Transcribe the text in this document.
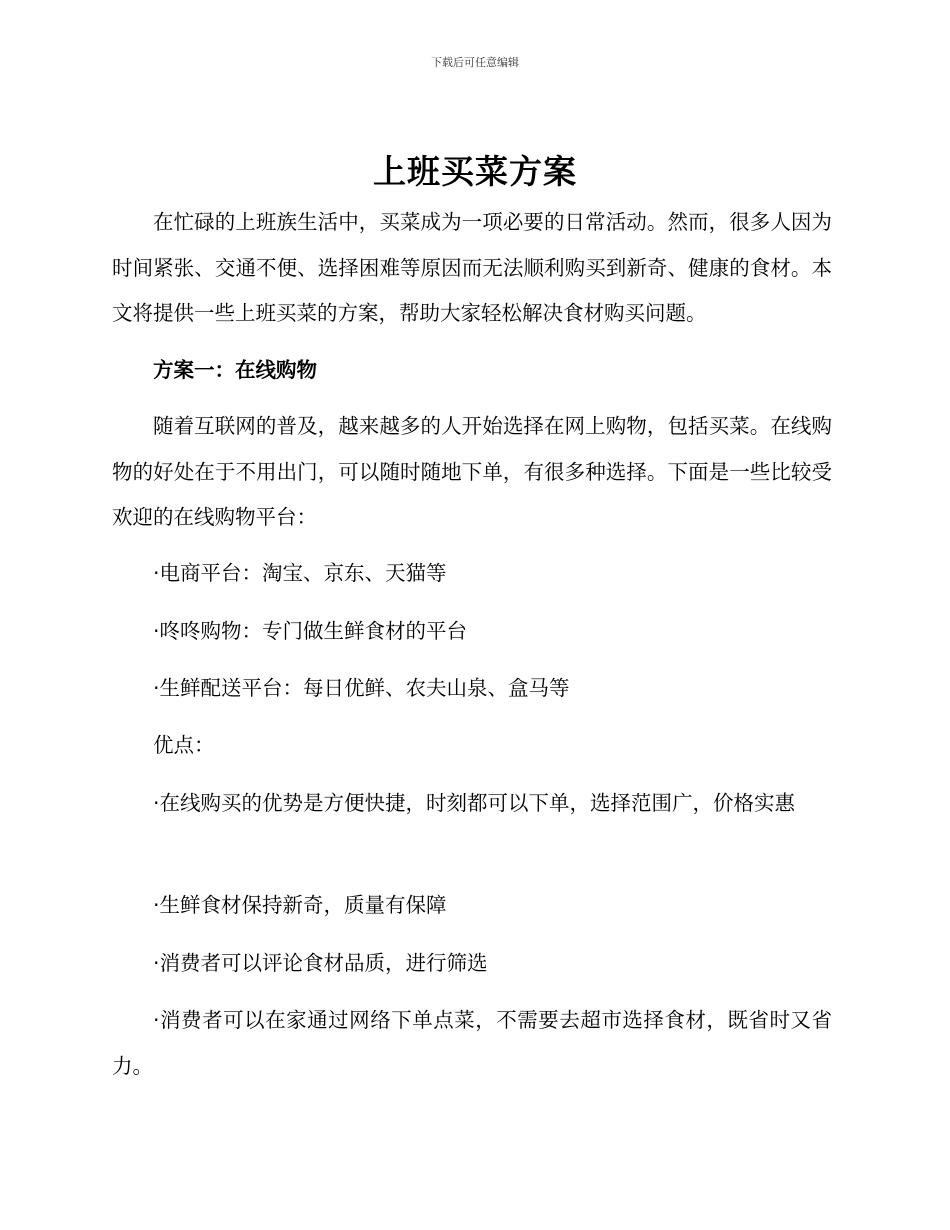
下载后可任意编辑
上班买菜方案
在忙碌的上班族生活中，买菜成为一项必要的日常活动。然而，很多人因为时间紧张、交通不便、选择困难等原因而无法顺利购买到新奇、健康的食材。本文将提供一些上班买菜的方案，帮助大家轻松解决食材购买问题。
方案一：在线购物
随着互联网的普及，越来越多的人开始选择在网上购物，包括买菜。在线购物的好处在于不用出门，可以随时随地下单，有很多种选择。下面是一些比较受欢迎的在线购物平台：
·电商平台：淘宝、京东、天猫等
·咚咚购物：专门做生鲜食材的平台
·生鲜配送平台：每日优鲜、农夫山泉、盒马等
优点：
·在线购买的优势是方便快捷，时刻都可以下单，选择范围广，价格实惠
·生鲜食材保持新奇，质量有保障
·消费者可以评论食材品质，进行筛选
·消费者可以在家通过网络下单点菜，不需要去超市选择食材，既省时又省力。
